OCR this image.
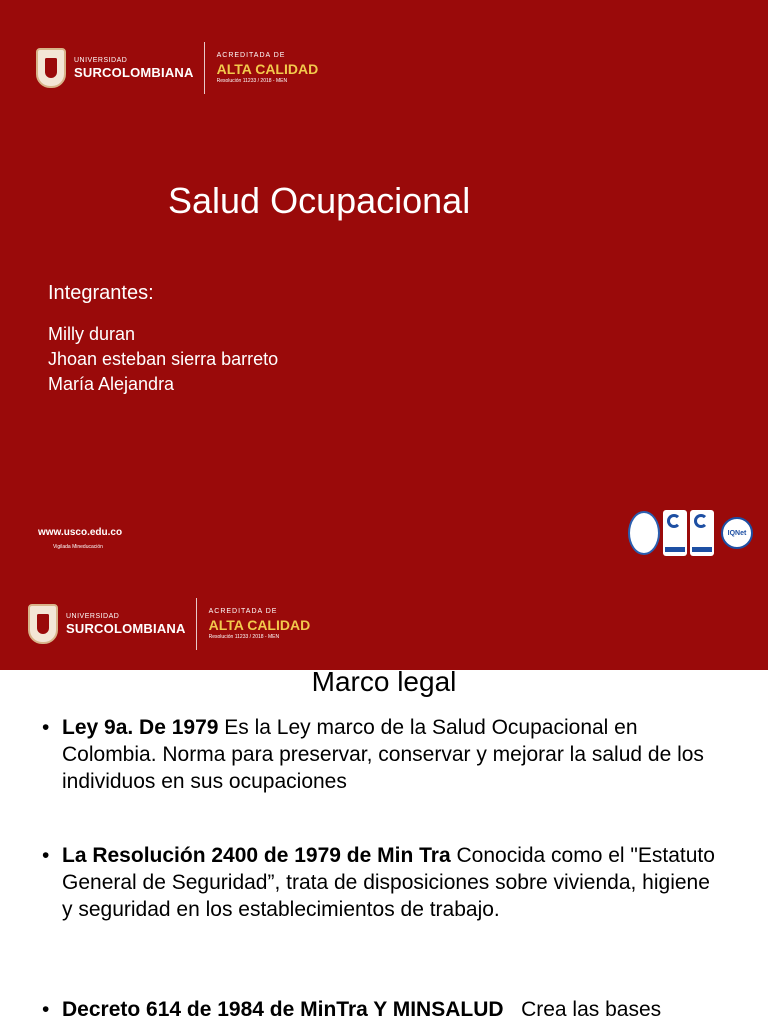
UNIVERSIDAD
SURCOLOMBIANA
ACREDITADA DE
ALTA CALIDAD
Resolución 11233 / 2018 - MEN
Salud Ocupacional
Integrantes:
Milly duran
Jhoan esteban sierra barreto
María Alejandra
www.usco.edu.co
Vigilada Mineducación
IQNet
UNIVERSIDAD
SURCOLOMBIANA
ACREDITADA DE
ALTA CALIDAD
Resolución 11233 / 2018 - MEN
Marco legal
• Ley 9a. De 1979 Es la Ley marco de la Salud Ocupacional en Colombia. Norma para preservar, conservar y mejorar la salud de los individuos en sus ocupaciones
• La Resolución 2400 de 1979 de Min Tra Conocida como el "Estatuto General de Seguridad”, trata de disposiciones sobre vivienda, higiene y seguridad en los establecimientos de trabajo.
• Decreto 614 de 1984 de MinTra Y MINSALUD   Crea las bases
